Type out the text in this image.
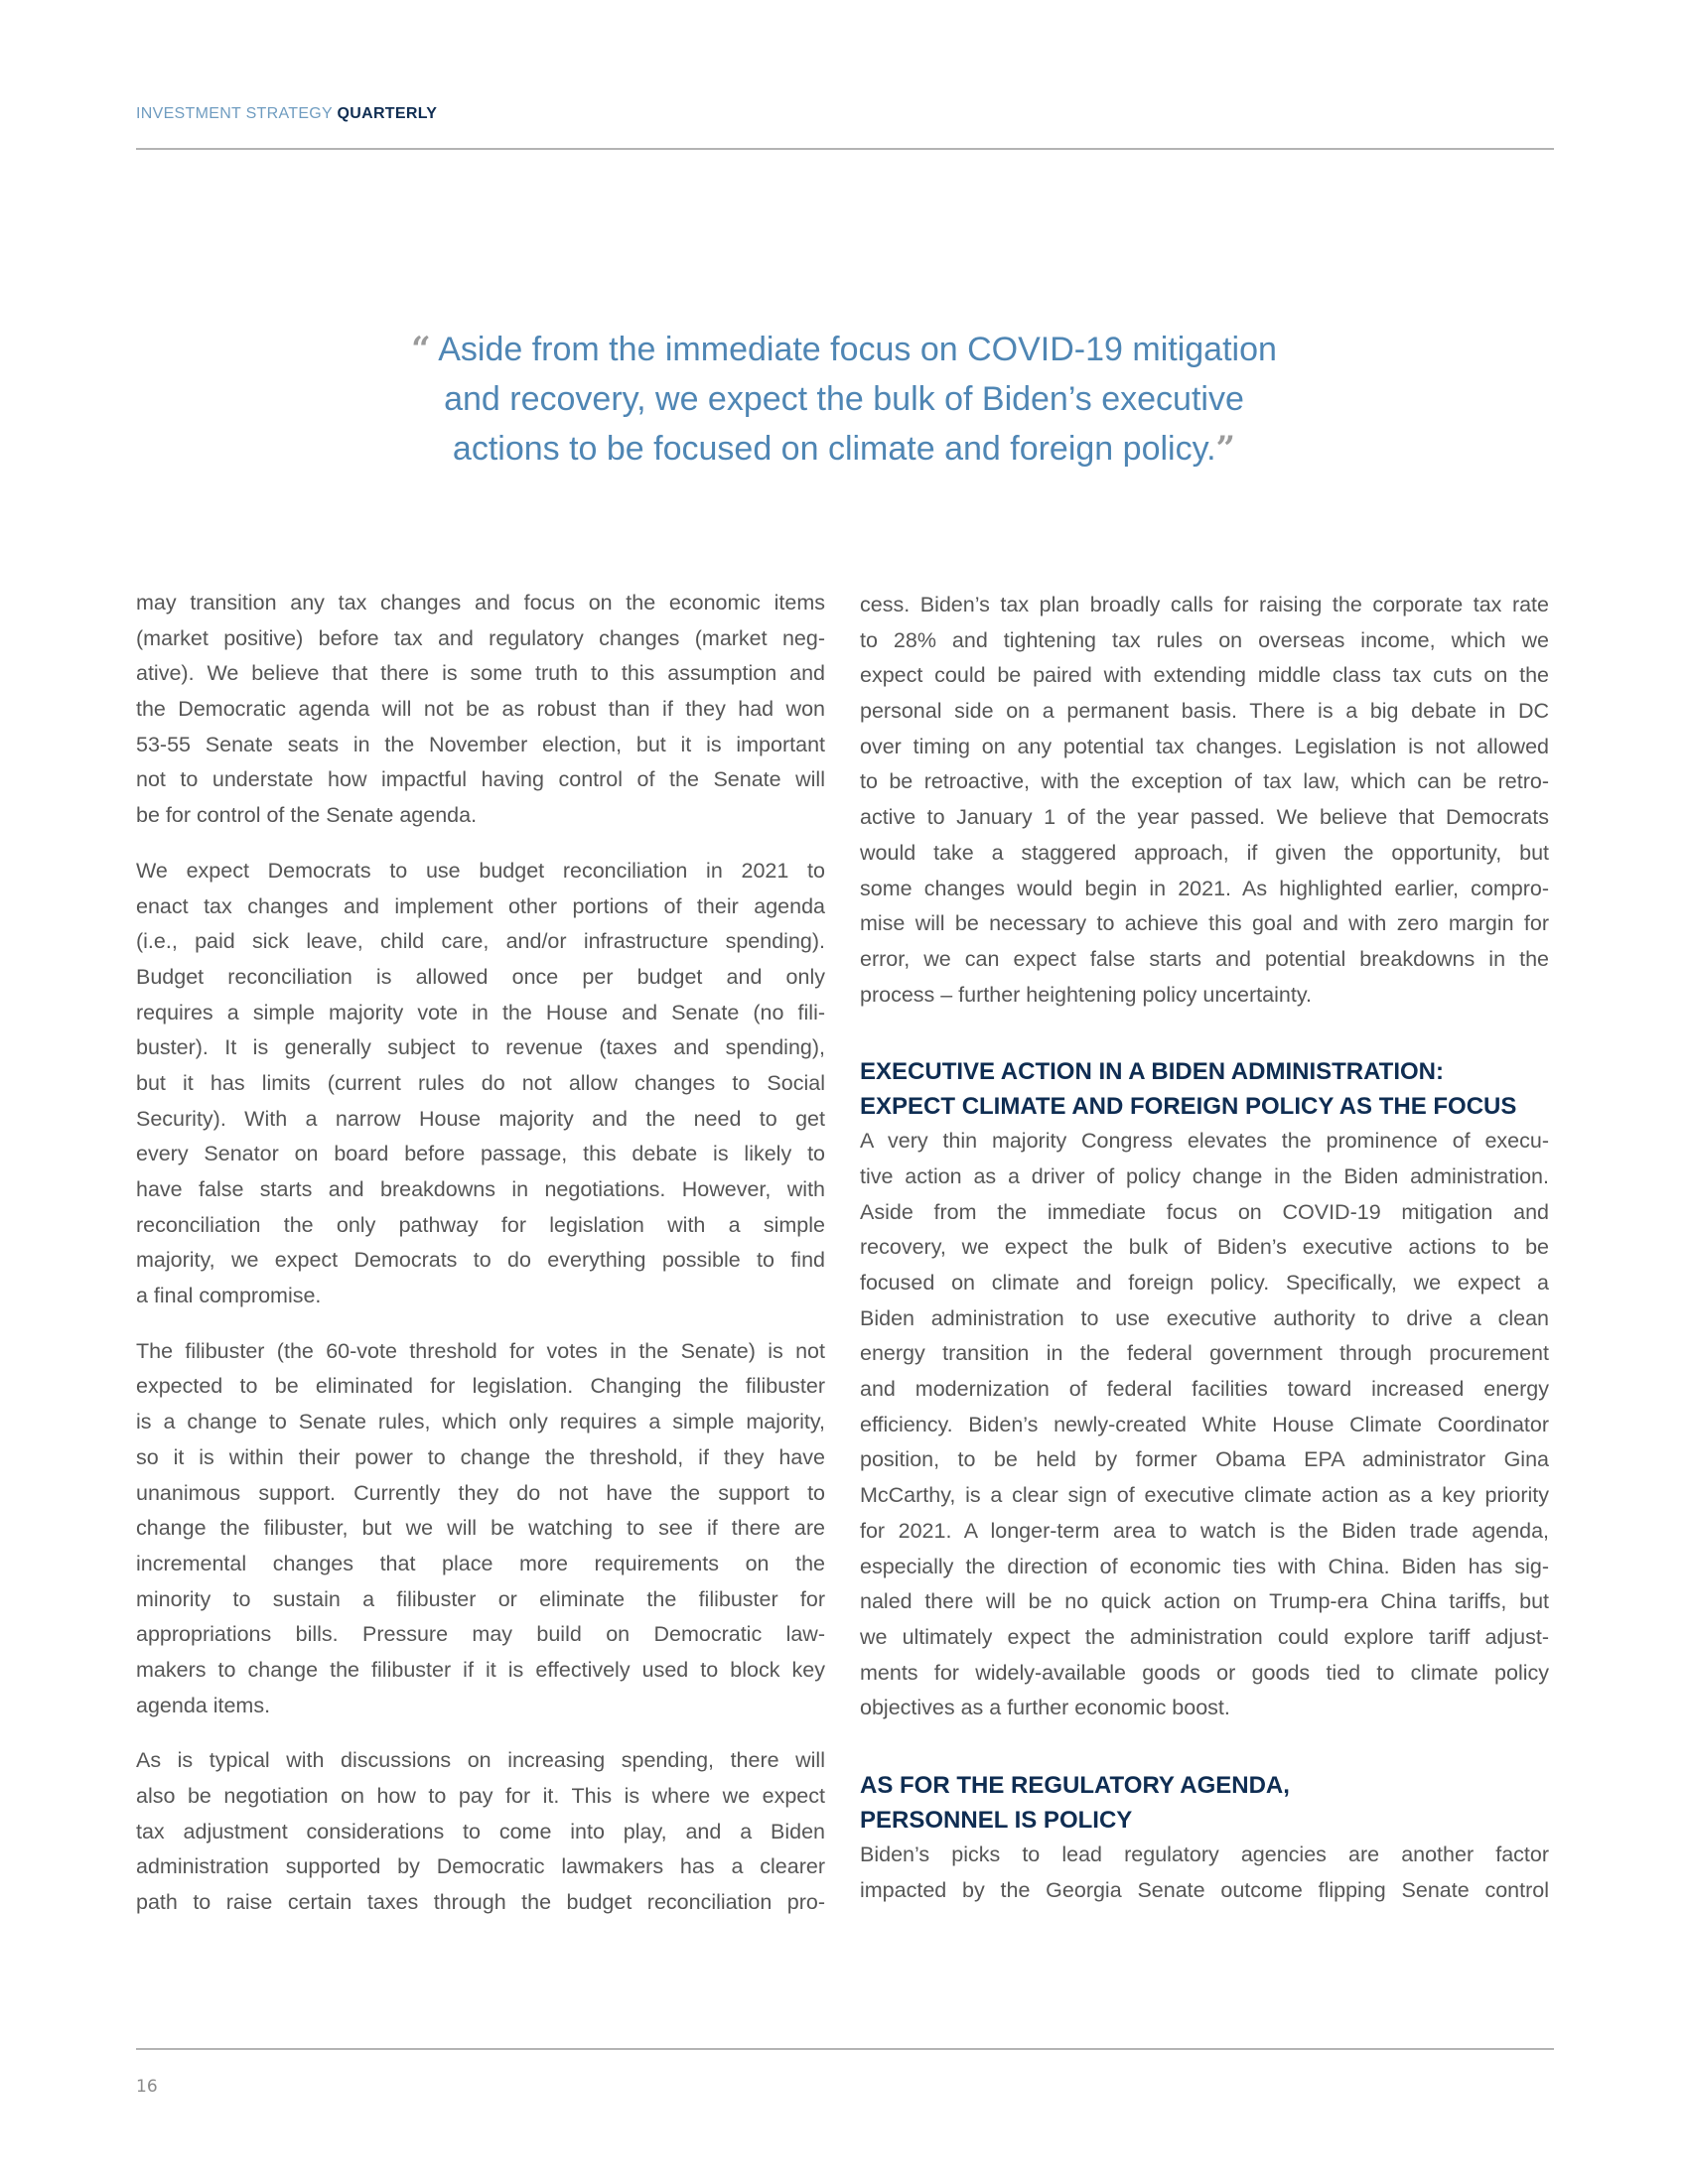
INVESTMENT STRATEGY QUARTERLY
“ Aside from the immediate focus on COVID-19 mitigation
and recovery, we expect the bulk of Biden’s executive
actions to be focused on climate and foreign policy.”
may transition any tax changes and focus on the economic items
(market positive) before tax and regulatory changes (market neg-
ative). We believe that there is some truth to this assumption and
the Democratic agenda will not be as robust than if they had won
53-55 Senate seats in the November election, but it is important
not to understate how impactful having control of the Senate will
be for control of the Senate agenda.
We expect Democrats to use budget reconciliation in 2021 to
enact tax changes and implement other portions of their agenda
(i.e., paid sick leave, child care, and/or infrastructure spending).
Budget reconciliation is allowed once per budget and only
requires a simple majority vote in the House and Senate (no fili-
buster). It is generally subject to revenue (taxes and spending),
but it has limits (current rules do not allow changes to Social
Security). With a narrow House majority and the need to get
every Senator on board before passage, this debate is likely to
have false starts and breakdowns in negotiations. However, with
reconciliation the only pathway for legislation with a simple
majority, we expect Democrats to do everything possible to find
a final compromise.
The filibuster (the 60-vote threshold for votes in the Senate) is not
expected to be eliminated for legislation. Changing the filibuster
is a change to Senate rules, which only requires a simple majority,
so it is within their power to change the threshold, if they have
unanimous support. Currently they do not have the support to
change the filibuster, but we will be watching to see if there are
incremental changes that place more requirements on the
minority to sustain a filibuster or eliminate the filibuster for
appropriations bills. Pressure may build on Democratic law-
makers to change the filibuster if it is effectively used to block key
agenda items.
As is typical with discussions on increasing spending, there will
also be negotiation on how to pay for it. This is where we expect
tax adjustment considerations to come into play, and a Biden
administration supported by Democratic lawmakers has a clearer
path to raise certain taxes through the budget reconciliation pro-
cess. Biden’s tax plan broadly calls for raising the corporate tax rate
to 28% and tightening tax rules on overseas income, which we
expect could be paired with extending middle class tax cuts on the
personal side on a permanent basis. There is a big debate in DC
over timing on any potential tax changes. Legislation is not allowed
to be retroactive, with the exception of tax law, which can be retro-
active to January 1 of the year passed. We believe that Democrats
would take a staggered approach, if given the opportunity, but
some changes would begin in 2021. As highlighted earlier, compro-
mise will be necessary to achieve this goal and with zero margin for
error, we can expect false starts and potential breakdowns in the
process – further heightening policy uncertainty.
EXECUTIVE ACTION IN A BIDEN ADMINISTRATION:
EXPECT CLIMATE AND FOREIGN POLICY AS THE FOCUS
A very thin majority Congress elevates the prominence of execu-
tive action as a driver of policy change in the Biden administration.
Aside from the immediate focus on COVID-19 mitigation and
recovery, we expect the bulk of Biden’s executive actions to be
focused on climate and foreign policy. Specifically, we expect a
Biden administration to use executive authority to drive a clean
energy transition in the federal government through procurement
and modernization of federal facilities toward increased energy
efficiency. Biden’s newly-created White House Climate Coordinator
position, to be held by former Obama EPA administrator Gina
McCarthy, is a clear sign of executive climate action as a key priority
for 2021. A longer-term area to watch is the Biden trade agenda,
especially the direction of economic ties with China. Biden has sig-
naled there will be no quick action on Trump-era China tariffs, but
we ultimately expect the administration could explore tariff adjust-
ments for widely-available goods or goods tied to climate policy
objectives as a further economic boost.
AS FOR THE REGULATORY AGENDA,
PERSONNEL IS POLICY
Biden’s picks to lead regulatory agencies are another factor
impacted by the Georgia Senate outcome flipping Senate control
16
